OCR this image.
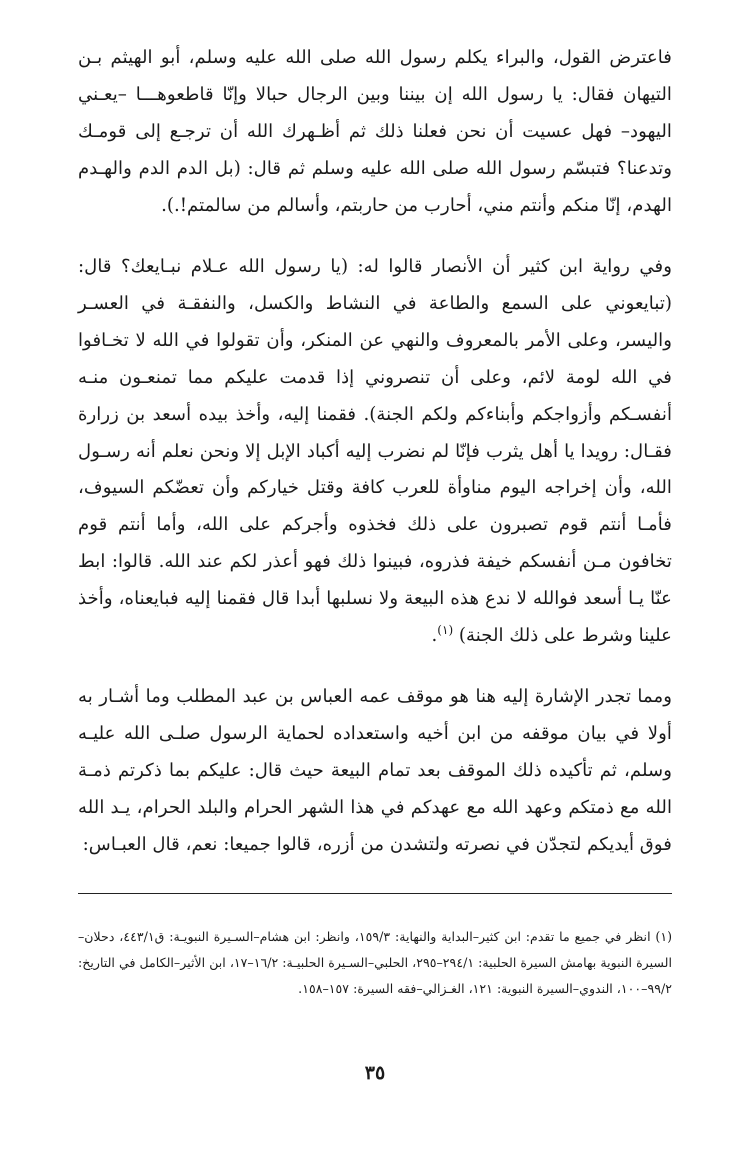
فاعترض القول، والبراء يكلم رسول الله صلى الله عليه وسلم، أبو الهيثم بـن التيهان فقال: يا رسول الله إن بيننا وبين الرجال حبالا وإنّا قاطعوهـــا –يعـني اليهود– فهل عسيت أن نحن فعلنا ذلك ثم أظـهرك الله أن ترجـع إلى قومـك وتدعنا؟ فتبسّم رسول الله صلى الله عليه وسلم ثم قال: (بل الدم الدم والهـدم الهدم، إنّا منكم وأنتم مني، أحارب من حاربتم، وأسالم من سالمتم!.).

وفي رواية ابن كثير أن الأنصار قالوا له: (يا رسول الله عـلام نبـايعك؟ قال: (تبايعوني على السمع والطاعة في النشاط والكسل، والنفقـة في العسـر واليسر، وعلى الأمر بالمعروف والنهي عن المنكر، وأن تقولوا في الله لا تخـافوا في الله لومة لائم، وعلى أن تنصروني إذا قدمت عليكم مما تمنعـون منـه أنفسـكم وأزواجكم وأبناءكم ولكم الجنة). فقمنا إليه، وأخذ بيده أسعد بن زرارة فقـال: رويدا يا أهل يثرب فإنّا لم نضرب إليه أكباد الإبل إلا ونحن نعلم أنه رسـول الله، وأن إخراجه اليوم مناوأة للعرب كافة وقتل خياركم وأن تعضّكم السيوف، فأمـا أنتم قوم تصبرون على ذلك فخذوه وأجركم على الله، وأما أنتم قوم تخافون مـن أنفسكم خيفة فذروه، فبينوا ذلك فهو أعذر لكم عند الله. قالوا: ابط عنّا يـا أسعد فوالله لا ندع هذه البيعة ولا نسلبها أبدا قال فقمنا إليه فبايعناه، وأخذ علينا وشرط على ذلك الجنة) $^{(١)}$.

ومما تجدر الإشارة إليه هنا هو موقف عمه العباس بن عبد المطلب وما أشـار به أولا في بيان موقفه من ابن أخيه واستعداده لحماية الرسول صلـى الله عليـه وسلم، ثم تأكيده ذلك الموقف بعد تمام البيعة حيث قال: عليكم بما ذكرتم ذمـة الله مع ذمتكم وعهد الله مع عهدكم في هذا الشهر الحرام والبلد الحرام، يـد الله فوق أيديكم لتجدّن في نصرته ولتشدن من أزره، قالوا جميعا: نعم، قال العبـاس:

(١) انظر في جميع ما تقدم: ابن كثير–البداية والنهاية: ١٥٩/٣، وانظر: ابن هشام–السـيرة النبويـة: ق٤٤٣/١، دحلان–السيرة النبوية بهامش السيرة الحلبية: ٢٩٤/١–٢٩٥، الحلبي–السـيرة الحلبيـة: ١٦/٢–١٧، ابن الأثير–الكامل في التاريخ: ٩٩/٢–١٠٠، الندوي–السيرة النبوية: ١٢١، الغـزالي–فقه السيرة: ١٥٧–١٥٨.

٣٥
